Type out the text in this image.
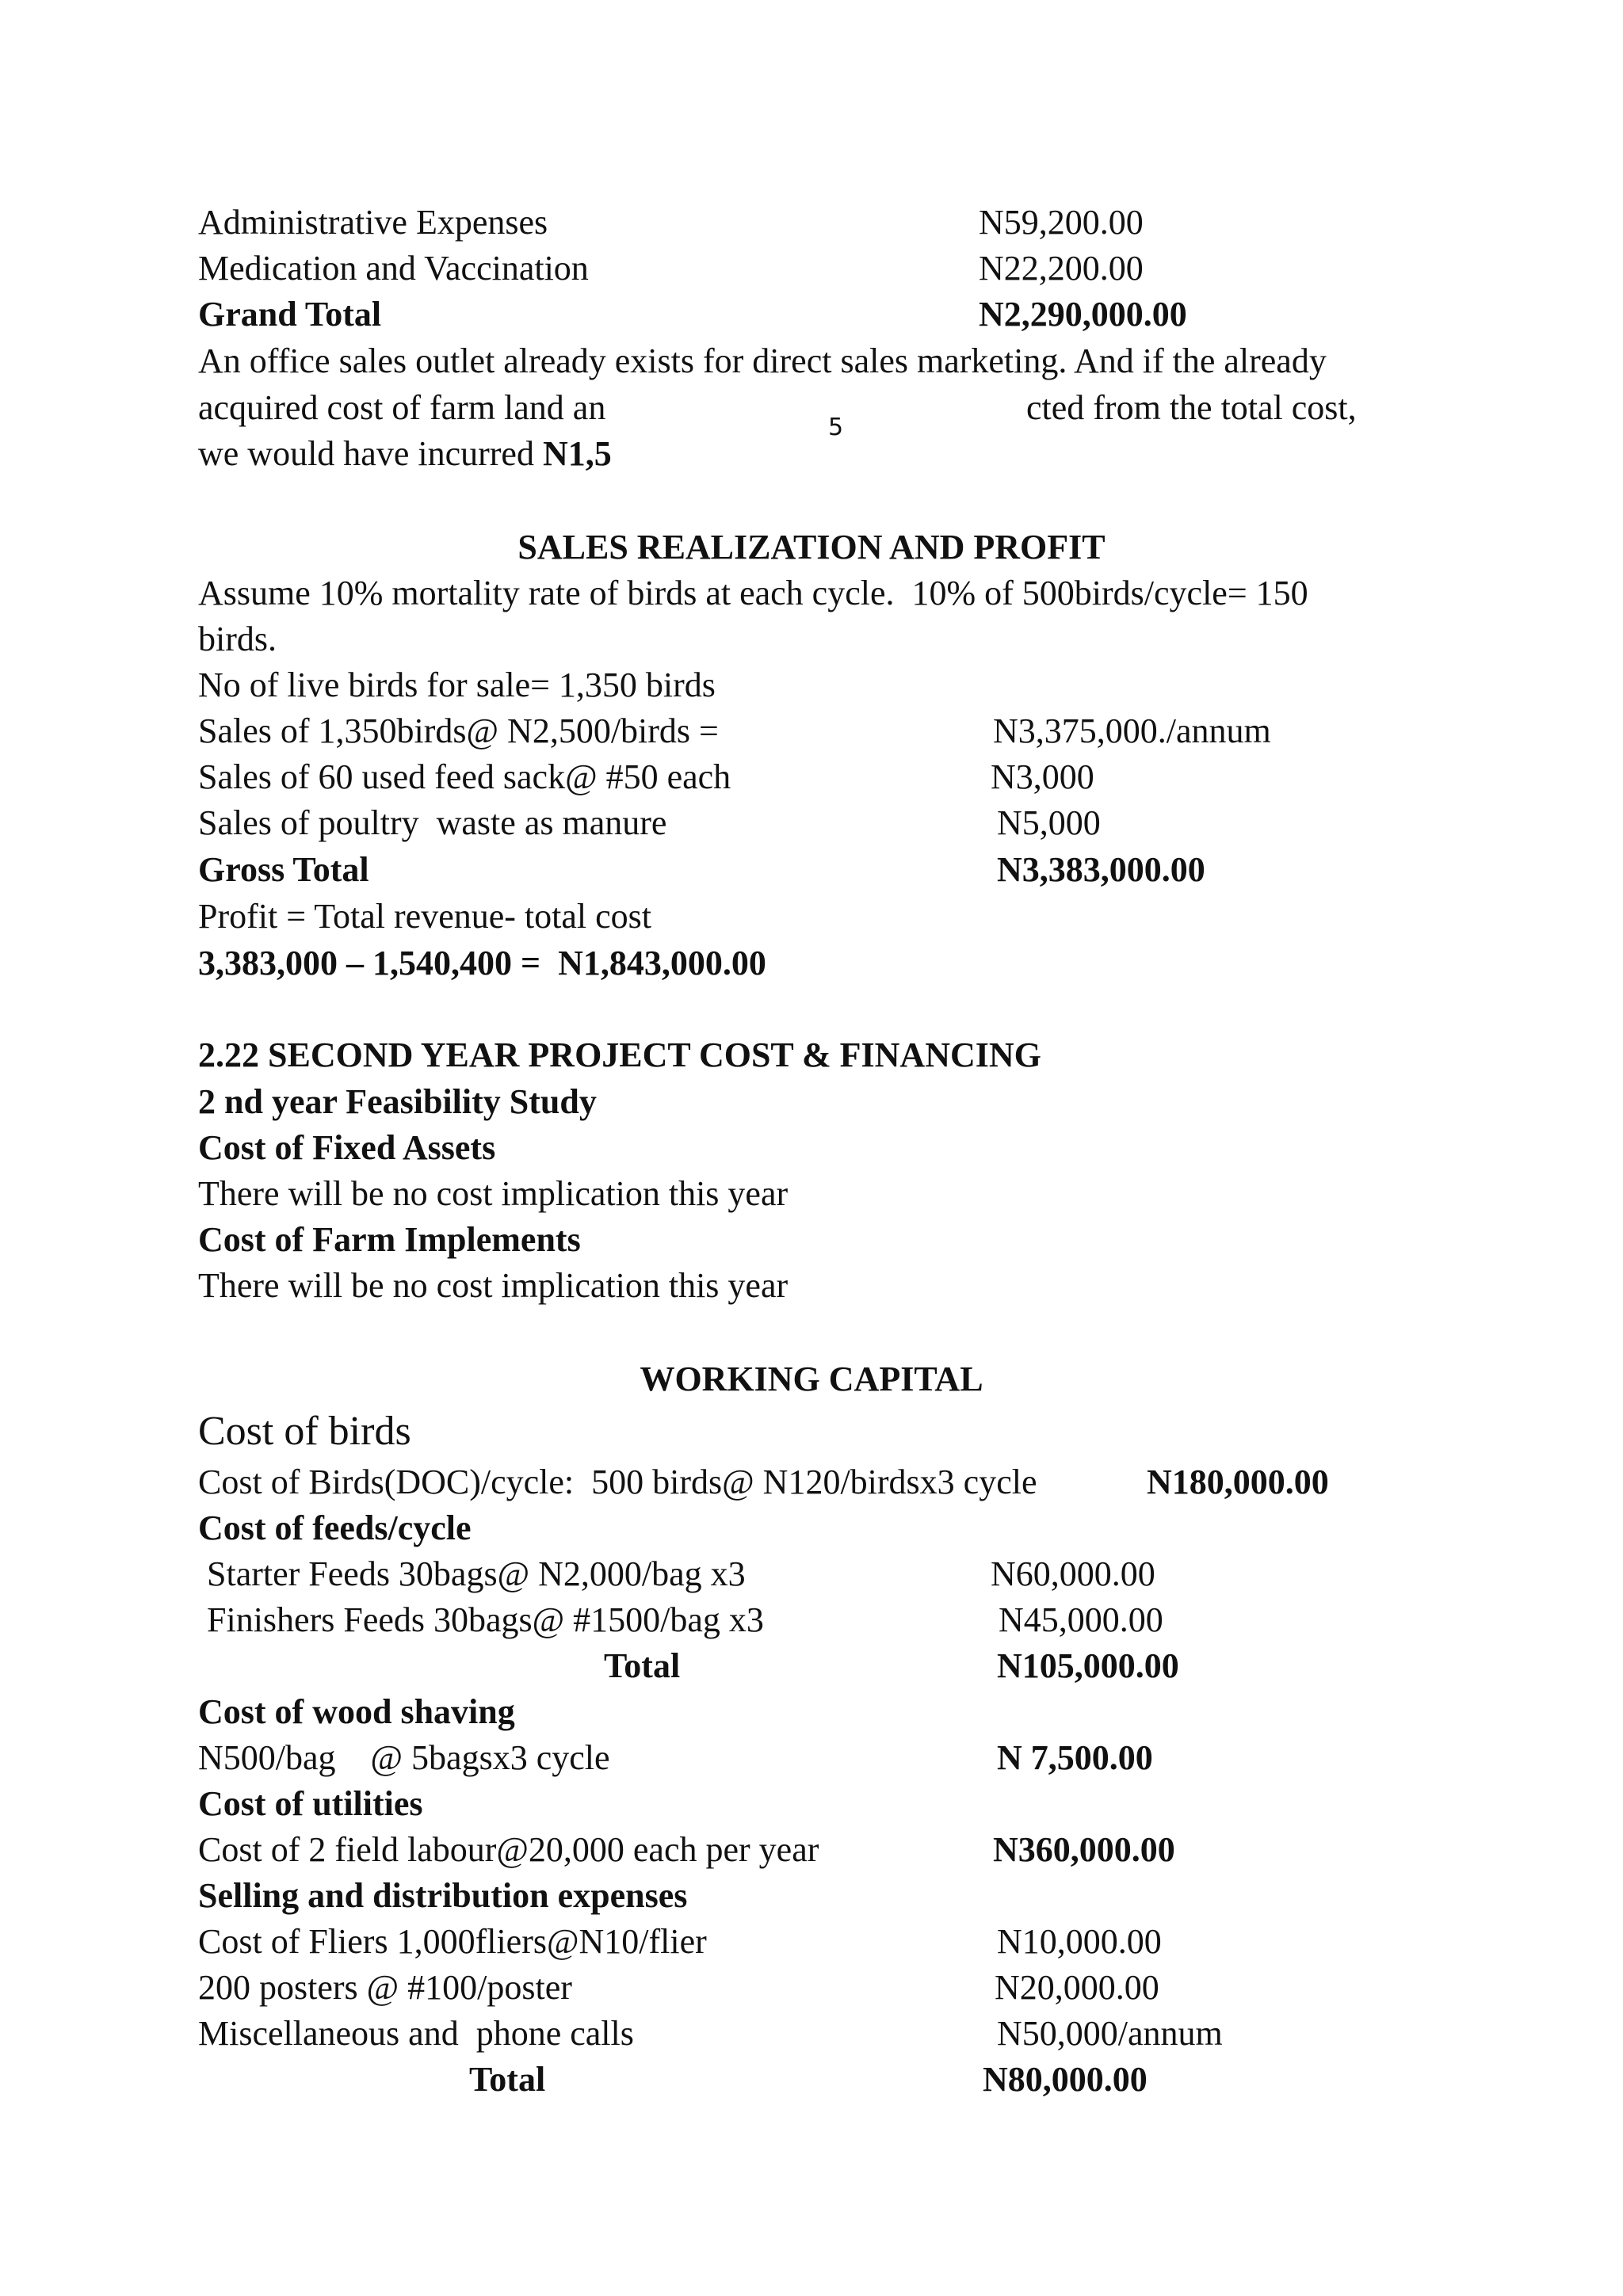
Administrative Expenses	N59,200.00
Medication and Vaccination	N22,200.00
Grand Total	N2,290,000.00
An office sales outlet already exists for direct sales marketing. And if the already
acquired cost of farm land an	cted from the total cost,
we would have incurred N1,5
5
SALES REALIZATION AND PROFIT
Assume 10% mortality rate of birds at each cycle.  10% of 500birds/cycle= 150
birds.
No of live birds for sale= 1,350 birds
Sales of 1,350birds@ N2,500/birds =	N3,375,000./annum
Sales of 60 used feed sack@ #50 each	N3,000
Sales of poultry  waste as manure	N5,000
Gross Total	N3,383,000.00
Profit = Total revenue- total cost
3,383,000 – 1,540,400 =  N1,843,000.00
2.22 SECOND YEAR PROJECT COST & FINANCING
2 nd year Feasibility Study
Cost of Fixed Assets
There will be no cost implication this year
Cost of Farm Implements
There will be no cost implication this year
WORKING CAPITAL
Cost of birds
Cost of Birds(DOC)/cycle:  500 birds@ N120/birdsx3 cycle	N180,000.00
Cost of feeds/cycle
Starter Feeds 30bags@ N2,000/bag x3	N60,000.00
Finishers Feeds 30bags@ #1500/bag x3	N45,000.00
Total	N105,000.00
Cost of wood shaving
N500/bag    @ 5bagsx3 cycle	N 7,500.00
Cost of utilities
Cost of 2 field labour@20,000 each per year	N360,000.00
Selling and distribution expenses
Cost of Fliers 1,000fliers@N10/flier	N10,000.00
200 posters @ #100/poster	N20,000.00
Miscellaneous and  phone calls	N50,000/annum
Total	N80,000.00
